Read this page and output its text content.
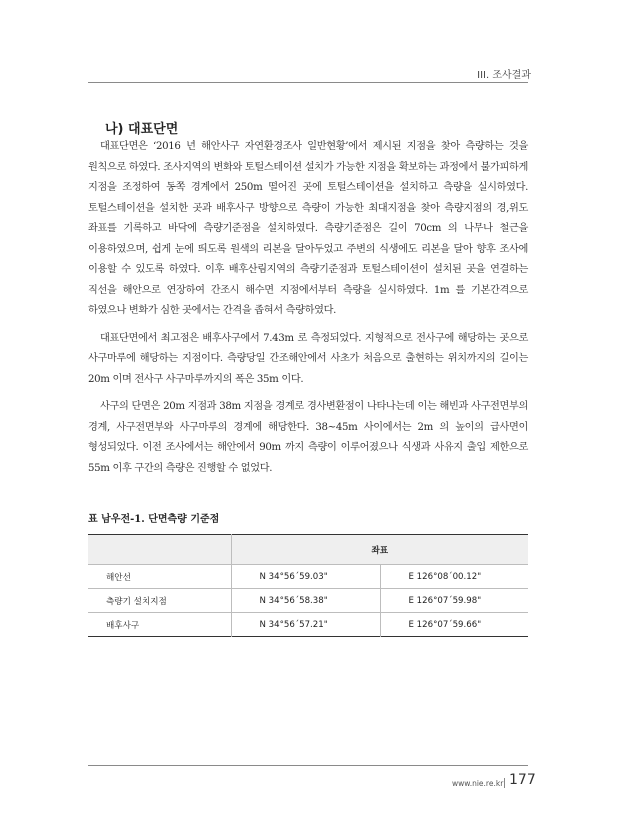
III. 조사결과
나) 대표단면

대표단면은 ‘2016 년 해안사구 자연환경조사 일반현황’에서 제시된 지점을 찾아 측량하는 것을 원칙으로 하였다. 조사지역의 변화와 토털스테이션 설치가 가능한 지점을 확보하는 과정에서 불가피하게 지점을 조정하여 동쪽 경계에서 250m 떨어진 곳에 토털스테이션을 설치하고 측량을 실시하였다. 토털스테이션을 설치한 곳과 배후사구 방향으로 측량이 가능한 최대지점을 찾아 측량지점의 경,위도 좌표를 기록하고 바닥에 측량기준점을 설치하였다. 측량기준점은 길이 70cm 의 나무나 철근을 이용하였으며, 쉽게 눈에 띄도록 원색의 리본을 달아두었고 주변의 식생에도 리본을 달아 향후 조사에 이용할 수 있도록 하였다. 이후 배후산림지역의 측량기준점과 토털스테이션이 설치된 곳을 연결하는 직선을 해안으로 연장하여 간조시 해수면 지점에서부터 측량을 실시하였다. 1m 를 기본간격으로 하였으나 변화가 심한 곳에서는 간격을 좁혀서 측량하였다.

대표단면에서 최고점은 배후사구에서 7.43m 로 측정되었다. 지형적으로 전사구에 해당하는 곳으로 사구마루에 해당하는 지점이다. 측량당일 간조해안에서 사초가 처음으로 출현하는 위치까지의 길이는 20m 이며 전사구 사구마루까지의 폭은 35m 이다.

사구의 단면은 20m 지점과 38m 지점을 경계로 경사변환점이 나타나는데 이는 해빈과 사구전면부의 경계, 사구전면부와 사구마루의 경계에 해당한다. 38~45m 사이에서는 2m 의 높이의 급사면이 형성되었다. 이전 조사에서는 해안에서 90m 까지 측량이 이루어졌으나 식생과 사유지 출입 제한으로 55m 이후 구간의 측량은 진행할 수 없었다.

표 남우전-1. 단면측량 기준점
	좌표	
해안선	N 34°56´59.03"	E 126°08´00.12"
측량기 설치지점	N 34°56´58.38"	E 126°07´59.98"
배후사구	N 34°56´57.21"	E 126°07´59.66"
www.nie.re.kr 177
